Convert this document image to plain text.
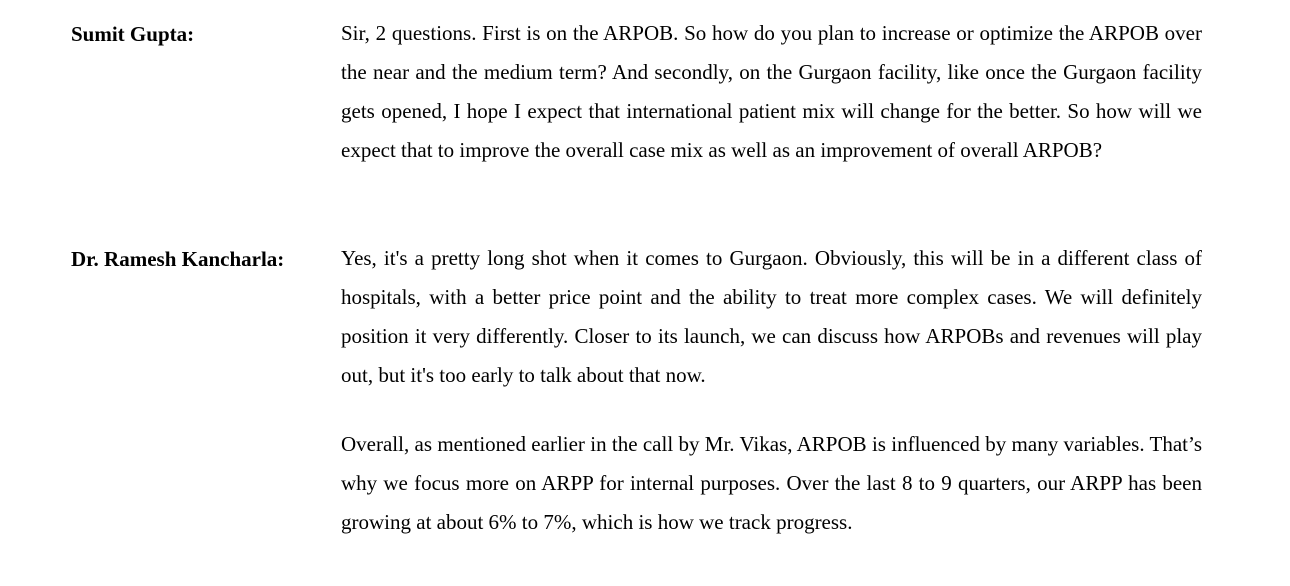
Sumit Gupta:	Sir, 2 questions. First is on the ARPOB. So how do you plan to increase or optimize the ARPOB over the near and the medium term? And secondly, on the Gurgaon facility, like once the Gurgaon facility gets opened, I hope I expect that international patient mix will change for the better. So how will we expect that to improve the overall case mix as well as an improvement of overall ARPOB?

Dr. Ramesh Kancharla:	Yes, it's a pretty long shot when it comes to Gurgaon. Obviously, this will be in a different class of hospitals, with a better price point and the ability to treat more complex cases. We will definitely position it very differently. Closer to its launch, we can discuss how ARPOBs and revenues will play out, but it's too early to talk about that now.

Overall, as mentioned earlier in the call by Mr. Vikas, ARPOB is influenced by many variables. That’s why we focus more on ARPP for internal purposes. Over the last 8 to 9 quarters, our ARPP has been growing at about 6% to 7%, which is how we track progress.
